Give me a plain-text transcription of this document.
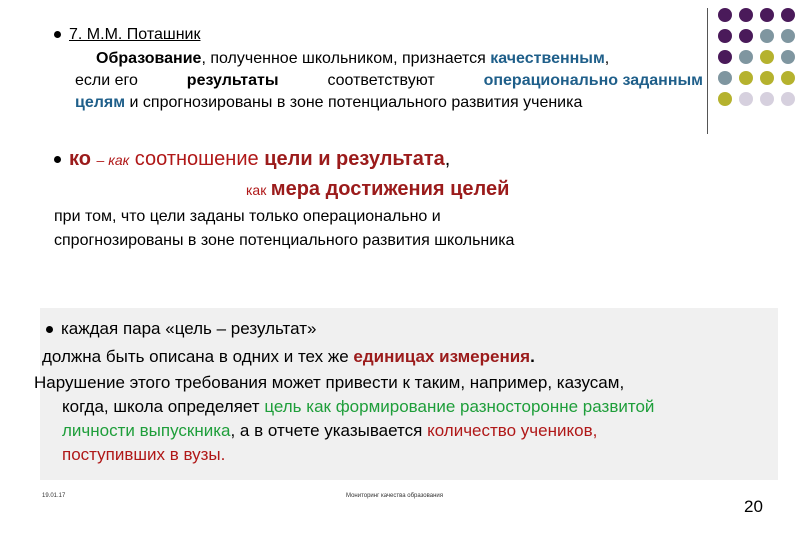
7. М.М. Поташник
Образование, полученное школьником, признается качественным,
если его	результаты	соответствуют	операционально заданным
целям и спрогнозированы в зоне потенциального развития ученика
ко – как соотношение цели и результата,
как мера достижения целей
при том, что цели заданы только операционально и
спрогнозированы в зоне потенциального развития школьника
каждая пара «цель – результат»
должна быть описана в одних и тех же единицах измерения.
Нарушение этого требования может привести к таким, например, казусам,
когда, школа определяет цель как формирование разносторонне развитой
личности выпускника, а в отчете указывается количество учеников,
поступивших в вузы.
19.01.17	Мониторинг качества образования
20
